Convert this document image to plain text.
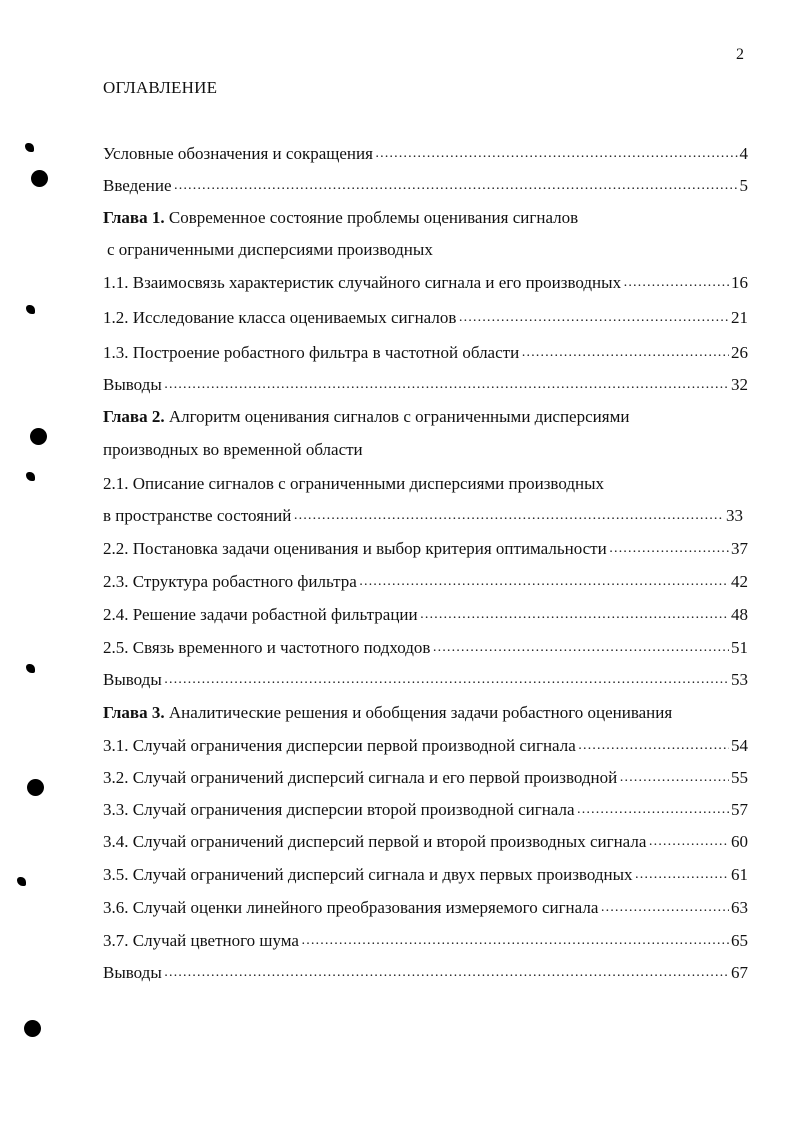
2
ОГЛАВЛЕНИЕ
Условные обозначения и сокращения …………………………………………………………………………………………………………………………………………………………	4
Введение …………………………………………………………………………………………………………………………………………………………	5
Глава 1. Современное состояние проблемы оценивания сигналов
с ограниченными дисперсиями производных
1.1. Взаимосвязь характеристик случайного сигнала и его производных …………………………………………………………………………………………………………………………………………………………	16
1.2. Исследование класса оцениваемых сигналов …………………………………………………………………………………………………………………………………………………………	21
1.3. Построение робастного фильтра в частотной области …………………………………………………………………………………………………………………………………………………………	26
Выводы …………………………………………………………………………………………………………………………………………………………	32
Глава 2. Алгоритм оценивания сигналов с ограниченными дисперсиями
производных во временной области
2.1. Описание сигналов с ограниченными дисперсиями производных
в пространстве состояний …………………………………………………………………………………………………………………………………………………………	33
2.2. Постановка задачи оценивания и выбор критерия оптимальности …………………………………………………………………………………………………………………………………………………………	37
2.3. Структура робастного фильтра …………………………………………………………………………………………………………………………………………………………	42
2.4. Решение задачи робастной фильтрации …………………………………………………………………………………………………………………………………………………………	48
2.5. Связь временного и частотного подходов …………………………………………………………………………………………………………………………………………………………	51
Выводы …………………………………………………………………………………………………………………………………………………………	53
Глава 3. Аналитические решения и обобщения задачи робастного оценивания
3.1. Случай ограничения дисперсии первой производной сигнала …………………………………………………………………………………………………………………………………………………………	54
3.2. Случай ограничений дисперсий сигнала и его первой производной …………………………………………………………………………………………………………………………………………………………	55
3.3. Случай ограничения дисперсии второй производной сигнала …………………………………………………………………………………………………………………………………………………………	57
3.4. Случай ограничений дисперсий первой и второй производных сигнала …………………………………………………………………………………………………………………………………………………………	60
3.5. Случай ограничений дисперсий сигнала и двух первых производных …………………………………………………………………………………………………………………………………………………………	61
3.6. Случай оценки линейного преобразования измеряемого сигнала …………………………………………………………………………………………………………………………………………………………	63
3.7. Случай цветного шума …………………………………………………………………………………………………………………………………………………………	65
Выводы …………………………………………………………………………………………………………………………………………………………	67
